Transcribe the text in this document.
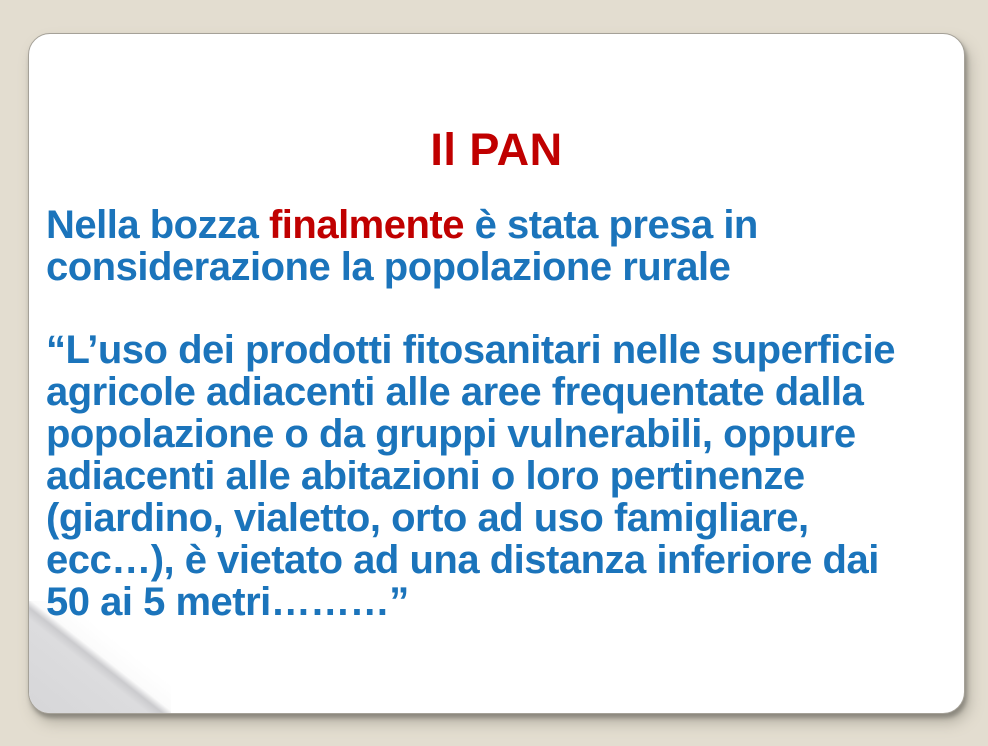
Il PAN
Nella bozza finalmente è stata presa in
considerazione la popolazione rurale
“L’uso dei prodotti fitosanitari nelle superficie
agricole adiacenti alle aree frequentate dalla
popolazione o da gruppi vulnerabili, oppure
adiacenti alle abitazioni o loro pertinenze
(giardino, vialetto, orto ad uso famigliare,
ecc…), è vietato ad una distanza inferiore dai
50 ai 5 metri………”
